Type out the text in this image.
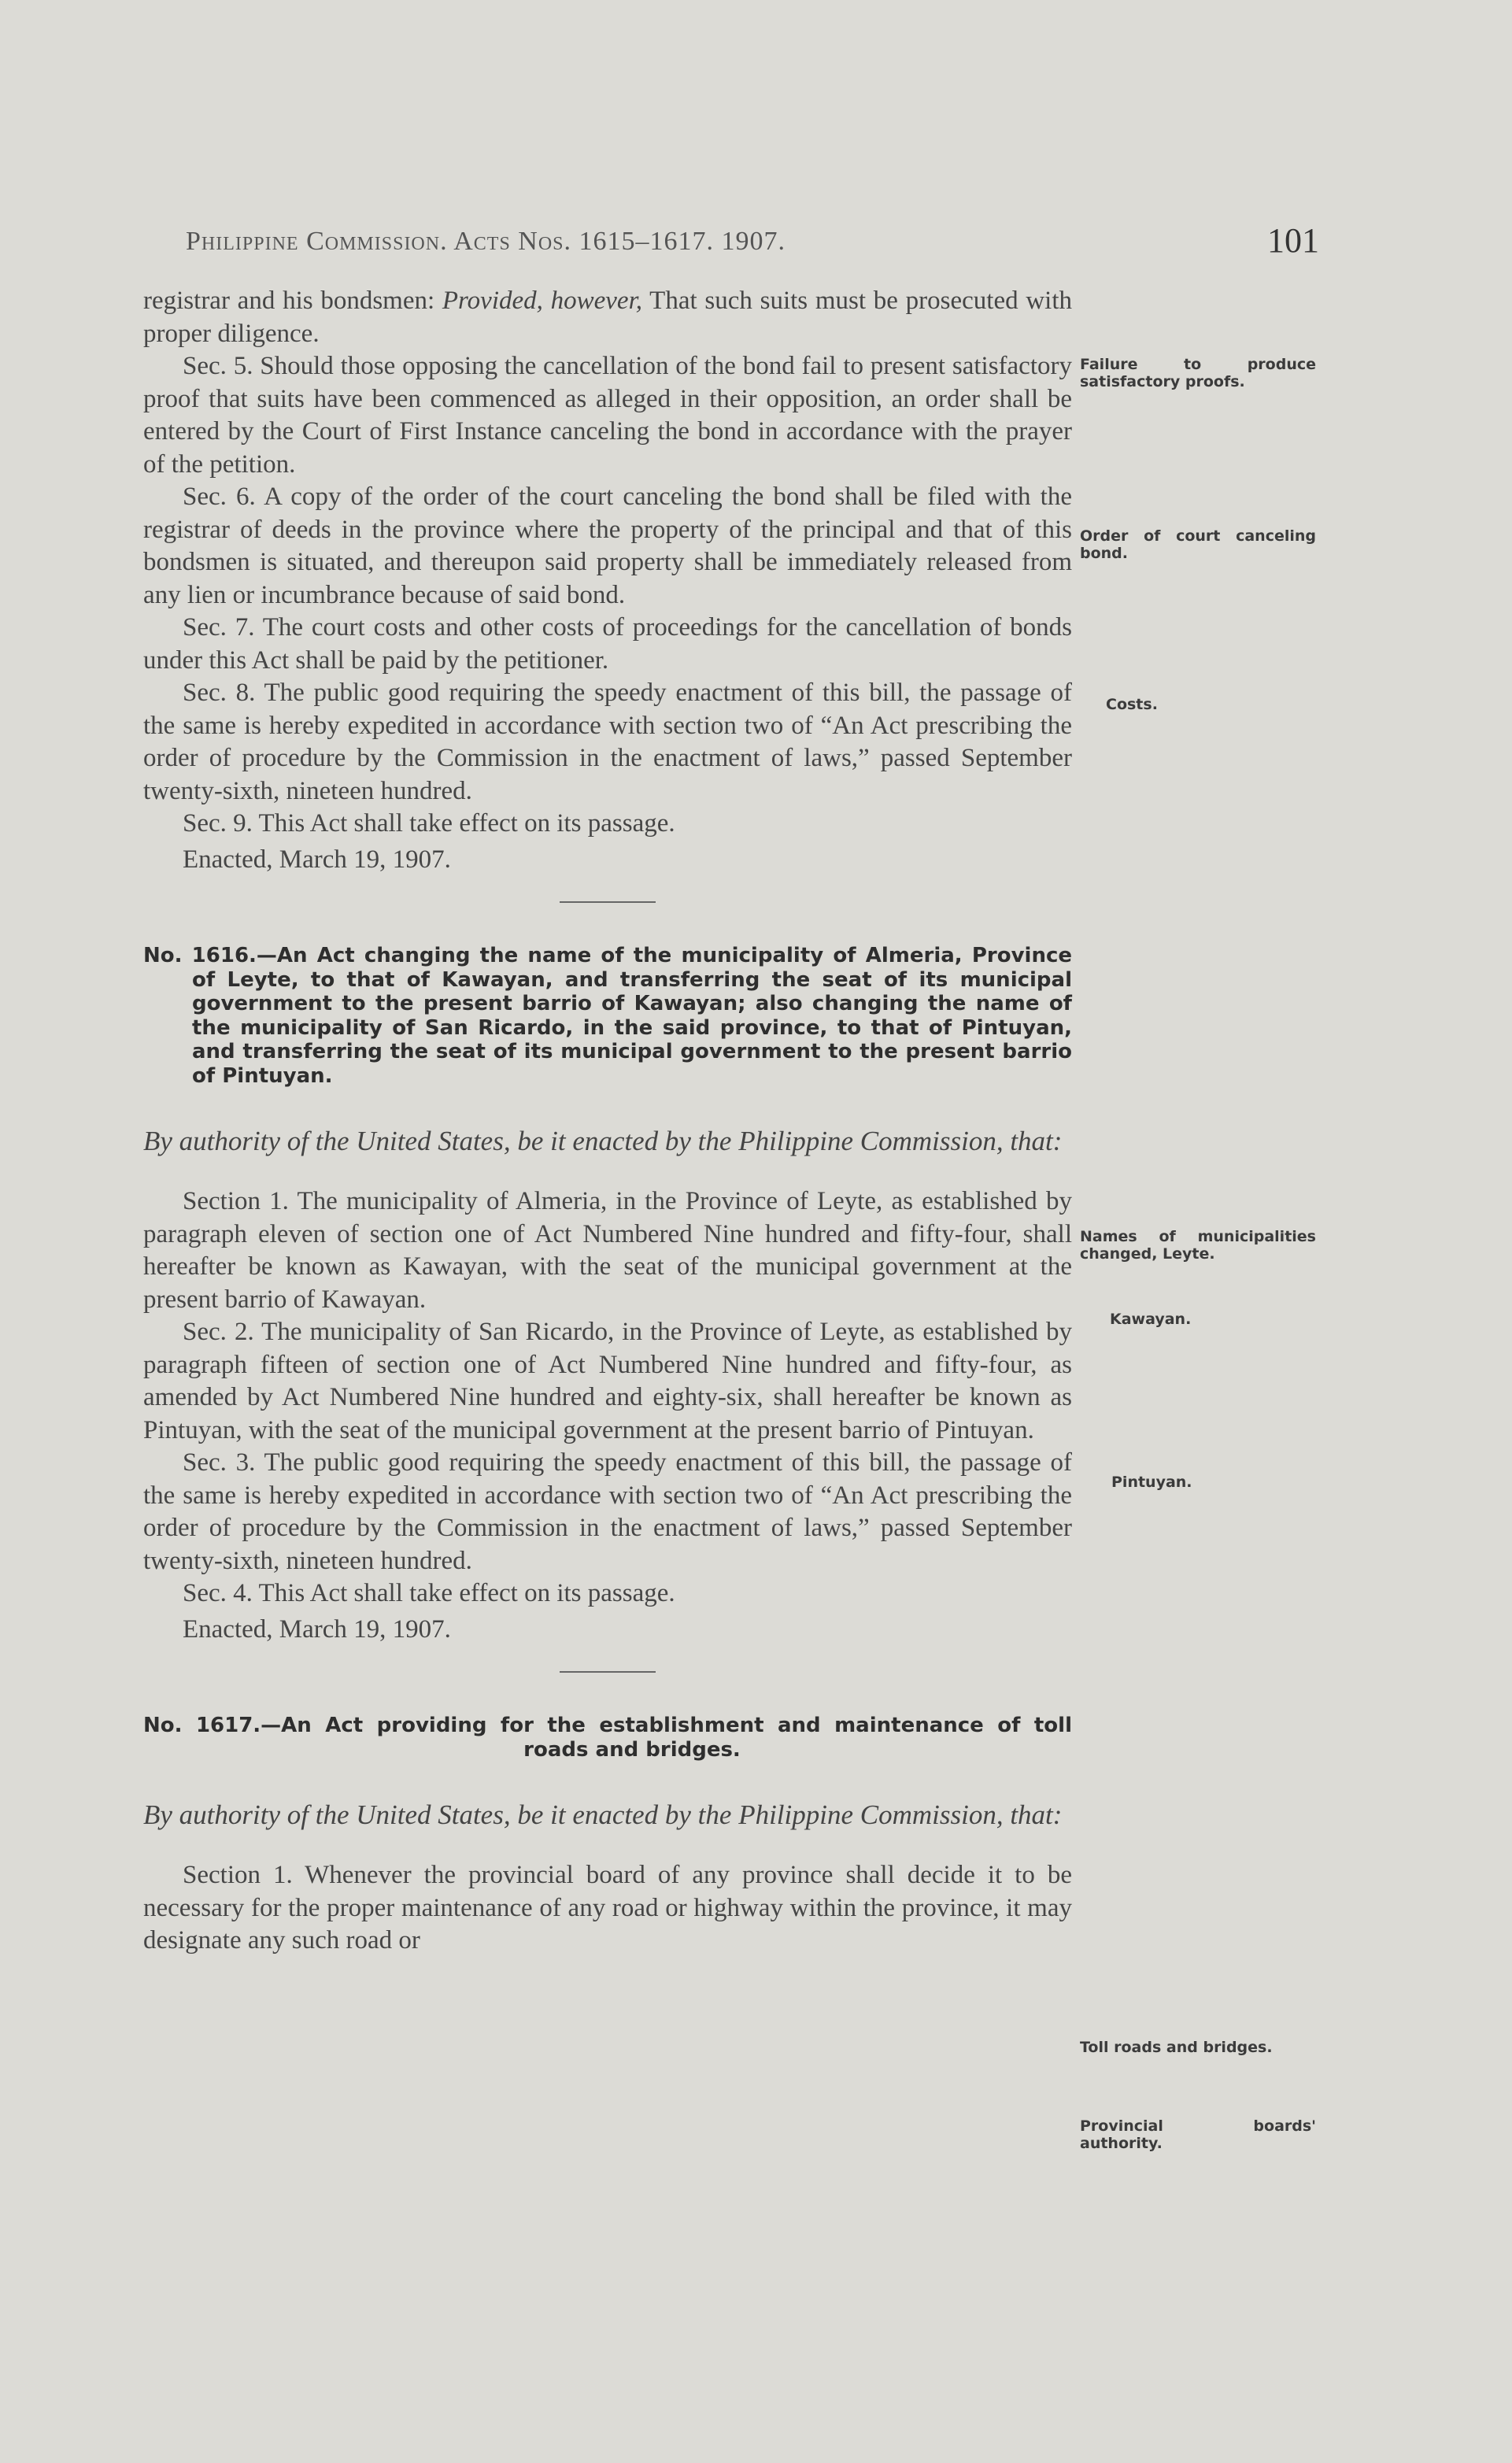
Philippine Commission. Acts Nos. 1615–1617. 1907.	101

registrar and his bondsmen: Provided, however, That such suits must be prosecuted with proper diligence.

Sec. 5. Should those opposing the cancellation of the bond fail to present satisfactory proof that suits have been commenced as alleged in their opposition, an order shall be entered by the Court of First Instance canceling the bond in accordance with the prayer of the petition.

Sec. 6. A copy of the order of the court canceling the bond shall be filed with the registrar of deeds in the province where the property of the principal and that of this bondsmen is situated, and thereupon said property shall be immediately released from any lien or incumbrance because of said bond.

Sec. 7. The court costs and other costs of proceedings for the cancellation of bonds under this Act shall be paid by the petitioner.

Sec. 8. The public good requiring the speedy enactment of this bill, the passage of the same is hereby expedited in accordance with section two of “An Act prescribing the order of procedure by the Commission in the enactment of laws,” passed September twenty-sixth, nineteen hundred.

Sec. 9. This Act shall take effect on its passage.

Enacted, March 19, 1907.

No. 1616.—An Act changing the name of the municipality of Almeria, Province of Leyte, to that of Kawayan, and transferring the seat of its municipal government to the present barrio of Kawayan; also changing the name of the municipality of San Ricardo, in the said province, to that of Pintuyan, and transferring the seat of its municipal government to the present barrio of Pintuyan.

By authority of the United States, be it enacted by the Philippine Commission, that:

Section 1. The municipality of Almeria, in the Province of Leyte, as established by paragraph eleven of section one of Act Numbered Nine hundred and fifty-four, shall hereafter be known as Kawayan, with the seat of the municipal government at the present barrio of Kawayan.

Sec. 2. The municipality of San Ricardo, in the Province of Leyte, as established by paragraph fifteen of section one of Act Numbered Nine hundred and fifty-four, as amended by Act Numbered Nine hundred and eighty-six, shall hereafter be known as Pintuyan, with the seat of the municipal government at the present barrio of Pintuyan.

Sec. 3. The public good requiring the speedy enactment of this bill, the passage of the same is hereby expedited in accordance with section two of “An Act prescribing the order of procedure by the Commission in the enactment of laws,” passed September twenty-sixth, nineteen hundred.

Sec. 4. This Act shall take effect on its passage.

Enacted, March 19, 1907.

No. 1617.—An Act providing for the establishment and maintenance of toll roads and bridges.

By authority of the United States, be it enacted by the Philippine Commission, that:

Section 1. Whenever the provincial board of any province shall decide it to be necessary for the proper maintenance of any road or highway within the province, it may designate any such road or

Failure to produce satisfactory proofs.
Order of court canceling bond.
Costs.
Names of municipalities changed, Leyte.
Kawayan.
Pintuyan.
Toll roads and bridges.
Provincial boards' authority.
